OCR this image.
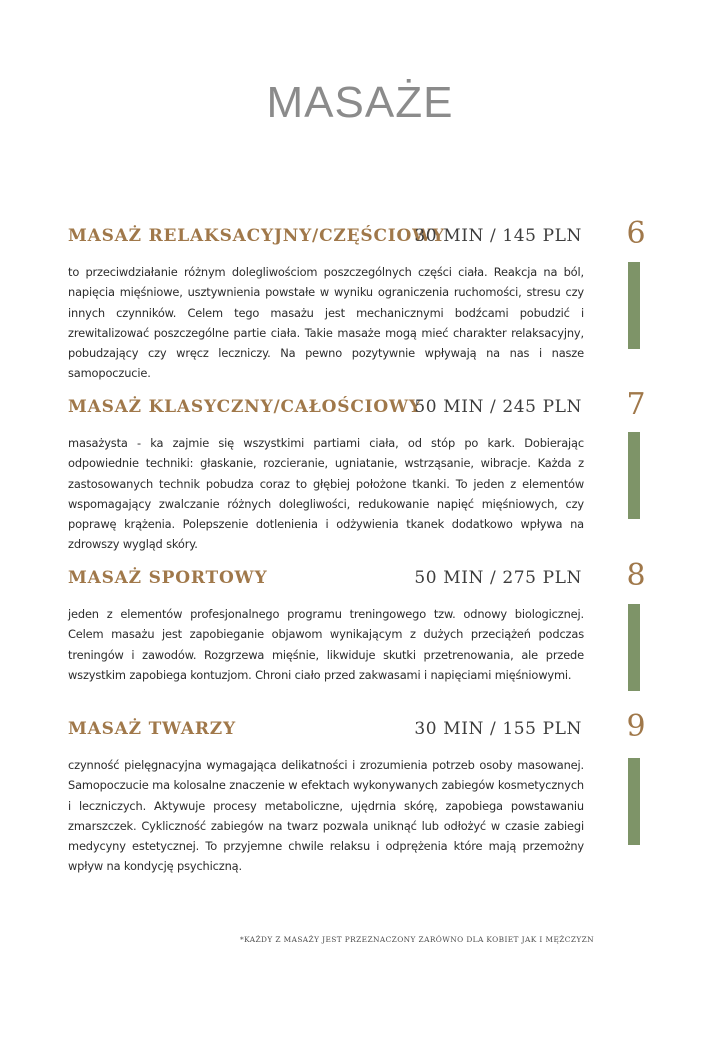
MASAŻE
MASAŻ RELAKSACYJNY/CZĘŚCIOWY
30 MIN / 145 PLN

to przeciwdziałanie różnym dolegliwościom poszczególnych części ciała. Reakcja na ból, napięcia mięśniowe, usztywnienia powstałe w wyniku ograniczenia ruchomości, stresu czy innych czynników. Celem tego masażu jest mechanicznymi bodźcami pobudzić i zrewitalizować poszczególne partie ciała. Takie masaże mogą mieć charakter relaksacyjny, pobudzający czy wręcz leczniczy. Na pewno pozytywnie wpływają na nas i nasze samopoczucie.

6
MASAŻ KLASYCZNY/CAŁOŚCIOWY
50 MIN / 245 PLN

masażysta - ka zajmie się wszystkimi partiami ciała, od stóp po kark. Dobierając odpowiednie techniki: głaskanie, rozcieranie, ugniatanie, wstrząsanie, wibracje. Każda z zastosowanych technik pobudza coraz to głębiej położone tkanki. To jeden z elementów wspomagający zwalczanie różnych dolegliwości, redukowanie napięć mięśniowych, czy poprawę krążenia. Polepszenie dotlenienia i odżywienia tkanek dodatkowo wpływa na zdrowszy wygląd skóry.

7
MASAŻ SPORTOWY	50 MIN / 275 PLN

jeden z elementów profesjonalnego programu treningowego tzw. odnowy biologicznej. Celem masażu jest zapobieganie objawom wynikającym z dużych przeciążeń podczas treningów i zawodów. Rozgrzewa mięśnie, likwiduje skutki przetrenowania, ale przede wszystkim zapobiega kontuzjom. Chroni ciało przed zakwasami i napięciami mięśniowymi.

8
MASAŻ TWARZY	30 MIN / 155 PLN

czynność pielęgnacyjna wymagająca delikatności i zrozumienia potrzeb osoby masowanej. Samopoczucie ma kolosalne znaczenie w efektach wykonywanych zabiegów kosmetycznych i leczniczych. Aktywuje procesy metaboliczne, ujędrnia skórę, zapobiega powstawaniu zmarszczek. Cykliczność zabiegów na twarz pozwala uniknąć lub odłożyć w czasie zabiegi medycyny estetycznej. To przyjemne chwile relaksu i odprężenia które mają przemożny wpływ na kondycję psychiczną.

9
*KAŻDY Z MASAŻY JEST PRZEZNACZONY ZARÓWNO DLA KOBIET JAK I MĘŻCZYZN
